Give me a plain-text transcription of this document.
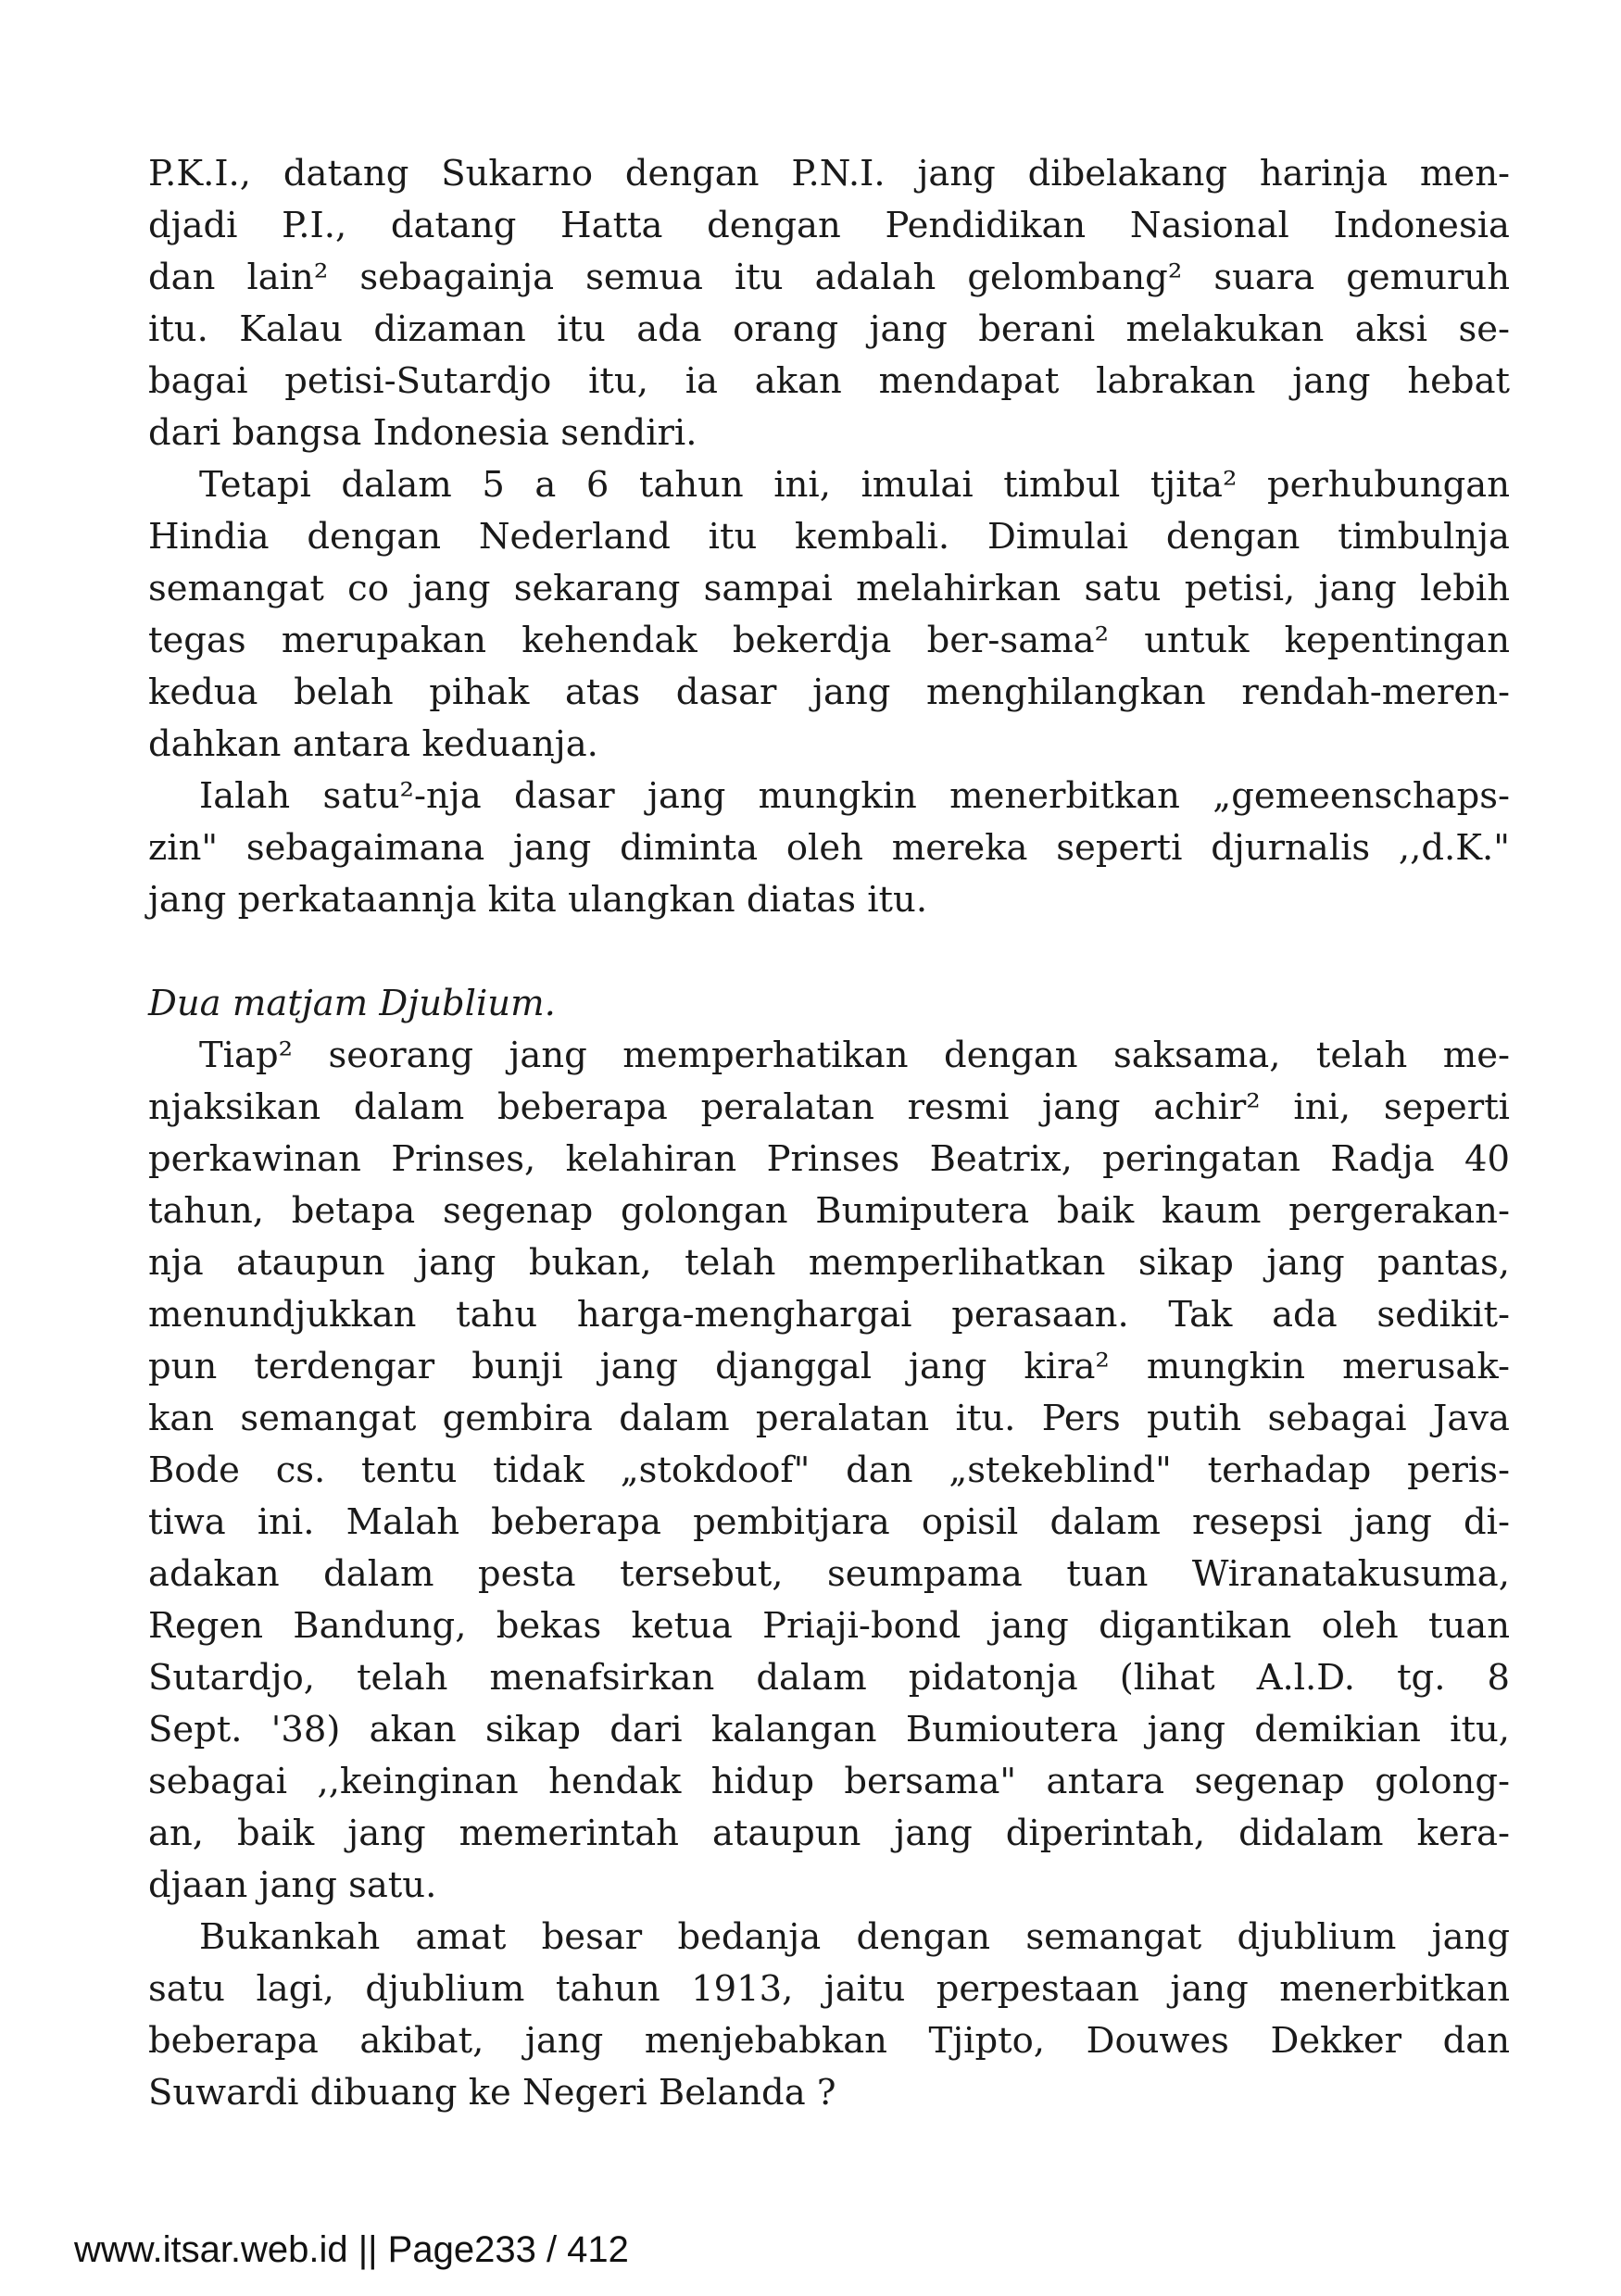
P.K.I., datang Sukarno dengan P.N.I. jang dibelakang harinja men-
djadi P.I., datang Hatta dengan Pendidikan Nasional Indonesia
dan lain² sebagainja semua itu adalah gelombang² suara gemuruh
itu. Kalau dizaman itu ada orang jang berani melakukan aksi se-
bagai petisi-Sutardjo itu, ia akan mendapat labrakan jang hebat
dari bangsa Indonesia sendiri.

Tetapi dalam 5 a 6 tahun ini, imulai timbul tjita² perhubungan
Hindia dengan Nederland itu kembali. Dimulai dengan timbulnja
semangat co jang sekarang sampai melahirkan satu petisi, jang lebih
tegas merupakan kehendak bekerdja ber-sama² untuk kepentingan
kedua belah pihak atas dasar jang menghilangkan rendah-meren-
dahkan antara keduanja.

Ialah satu²-nja dasar jang mungkin menerbitkan „gemeenschaps-
zin" sebagaimana jang diminta oleh mereka seperti djurnalis ,,d.K."
jang perkataannja kita ulangkan diatas itu.

Dua matjam Djublium.

Tiap² seorang jang memperhatikan dengan saksama, telah me-
njaksikan dalam beberapa peralatan resmi jang achir² ini, seperti
perkawinan Prinses, kelahiran Prinses Beatrix, peringatan Radja 40
tahun, betapa segenap golongan Bumiputera baik kaum pergerakan-
nja ataupun jang bukan, telah memperlihatkan sikap jang pantas,
menundjukkan tahu harga-menghargai perasaan. Tak ada sedikit-
pun terdengar bunji jang djanggal jang kira² mungkin merusak-
kan semangat gembira dalam peralatan itu. Pers putih sebagai Java
Bode cs. tentu tidak „stokdoof" dan „stekeblind" terhadap peris-
tiwa ini. Malah beberapa pembitjara opisil dalam resepsi jang di-
adakan dalam pesta tersebut, seumpama tuan Wiranatakusuma,
Regen Bandung, bekas ketua Priaji-bond jang digantikan oleh tuan
Sutardjo, telah menafsirkan dalam pidatonja (lihat A.l.D. tg. 8
Sept. '38) akan sikap dari kalangan Bumioutera jang demikian itu,
sebagai ,,keinginan hendak hidup bersama" antara segenap golong-
an, baik jang memerintah ataupun jang diperintah, didalam kera-
djaan jang satu.

Bukankah amat besar bedanja dengan semangat djublium jang
satu lagi, djublium tahun 1913, jaitu perpestaan jang menerbitkan
beberapa akibat, jang menjebabkan Tjipto, Douwes Dekker dan
Suwardi dibuang ke Negeri Belanda ?

www.itsar.web.id || Page233 / 412
